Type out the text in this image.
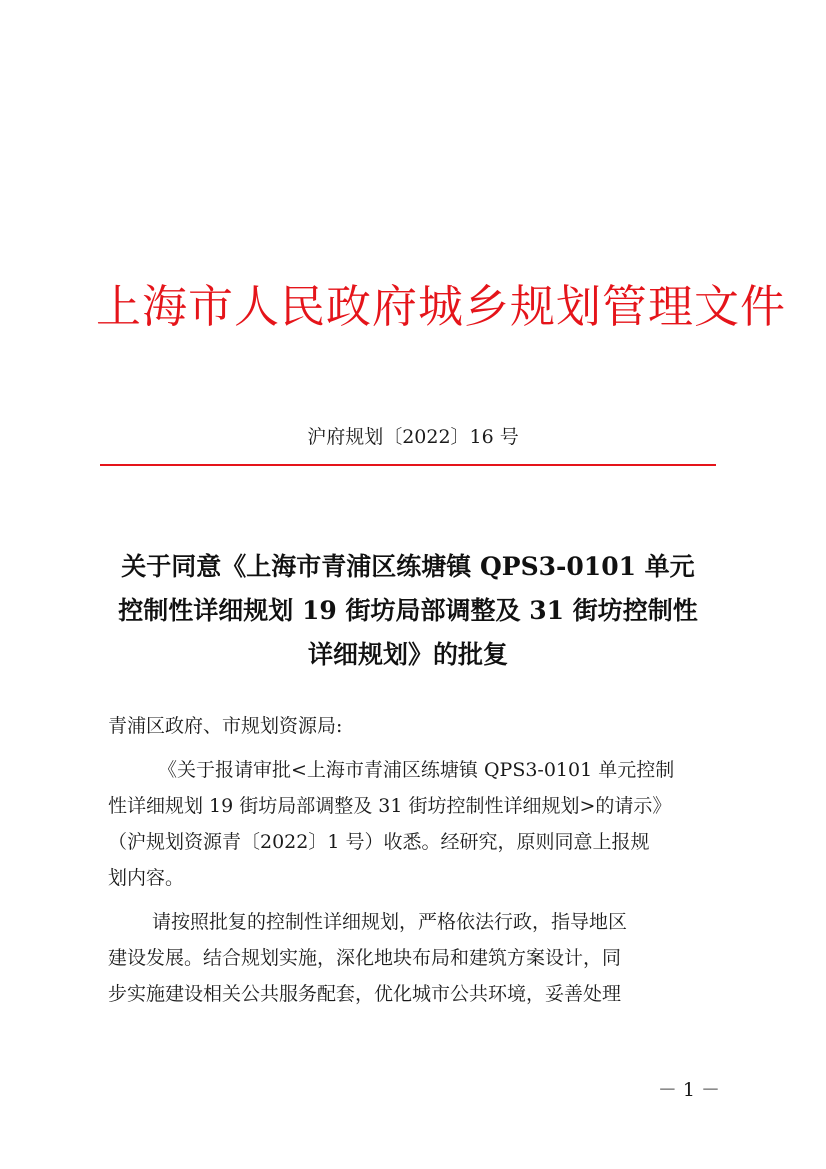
上海市人民政府城乡规划管理文件
沪府规划〔2022〕16 号
关于同意《上海市青浦区练塘镇 QPS3-0101 单元
控制性详细规划 19 街坊局部调整及 31 街坊控制性
详细规划》的批复
青浦区政府、市规划资源局:
《关于报请审批<上海市青浦区练塘镇 QPS3-0101 单元控制
性详细规划 19 街坊局部调整及 31 街坊控制性详细规划>的请示》
（沪规划资源青〔2022〕1 号）收悉。经研究，原则同意上报规
划内容。
请按照批复的控制性详细规划，严格依法行政，指导地区
建设发展。结合规划实施，深化地块布局和建筑方案设计，同
步实施建设相关公共服务配套，优化城市公共环境，妥善处理
－ 1 －
